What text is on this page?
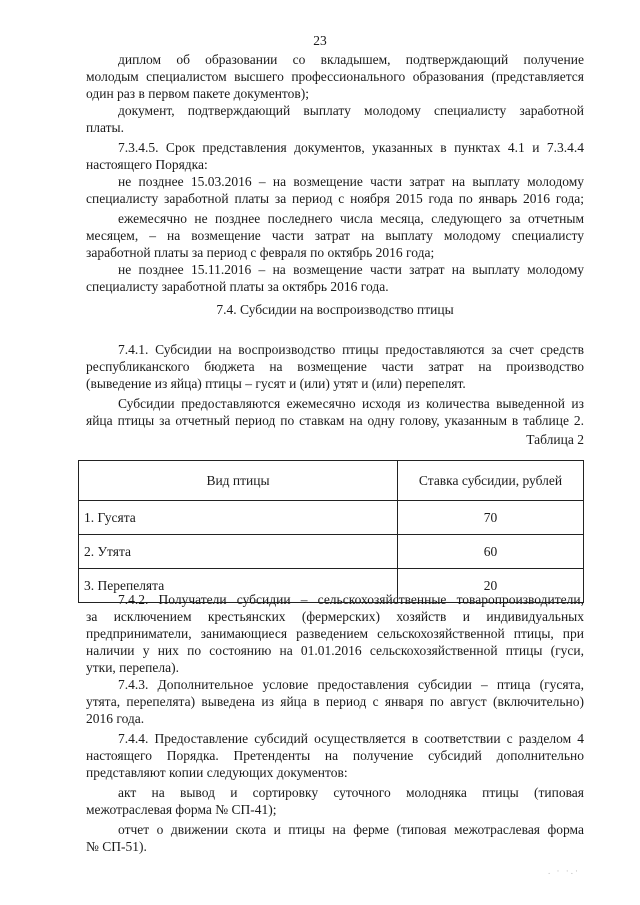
23
диплом об образовании со вкладышем, подтверждающий получение
молодым специалистом высшего профессионального образования (представляется
один раз в первом пакете документов);
документ, подтверждающий выплату молодому специалисту заработной
платы.
7.3.4.5. Срок представления документов, указанных в пунктах 4.1 и 7.3.4.4
настоящего Порядка:
не позднее 15.03.2016 – на возмещение части затрат на выплату молодому
специалисту заработной платы за период с ноября 2015 года по январь 2016 года;
ежемесячно не позднее последнего числа месяца, следующего за отчетным
месяцем, – на возмещение части затрат на выплату молодому специалисту
заработной платы за период с февраля по октябрь 2016 года;
не позднее 15.11.2016 – на возмещение части затрат на выплату молодому
специалисту заработной платы за октябрь 2016 года.
7.4. Субсидии на воспроизводство птицы
7.4.1. Субсидии на воспроизводство птицы предоставляются за счет средств
республиканского бюджета на возмещение части затрат на производство
(выведение из яйца) птицы – гусят и (или) утят и (или) перепелят.
Субсидии предоставляются ежемесячно исходя из количества выведенной из
яйца птицы за отчетный период по ставкам на одну голову, указанным в таблице 2.
Таблица 2
Вид птицы	Ставка субсидии, рублей
1. Гусята	70
2. Утята	60
3. Перепелята	20
7.4.2. Получатели субсидии – сельскохозяйственные товаропроизводители,
за исключением крестьянских (фермерских) хозяйств и индивидуальных
предприниматели, занимающиеся разведением сельскохозяйственной птицы, при
наличии у них по состоянию на 01.01.2016 сельскохозяйственной птицы (гуси,
утки, перепела).
7.4.3. Дополнительное условие предоставления субсидии – птица (гусята,
утята, перепелята) выведена из яйца в период с января по август (включительно)
2016 года.
7.4.4. Предоставление субсидий осуществляется в соответствии с разделом 4
настоящего Порядка. Претенденты на получение субсидий дополнительно
представляют копии следующих документов:
акт на вывод и сортировку суточного молодняка птицы (типовая
межотраслевая форма № СП-41);
отчет о движении скота и птицы на ферме (типовая межотраслевая форма
№ СП-51).
. · ·.·
